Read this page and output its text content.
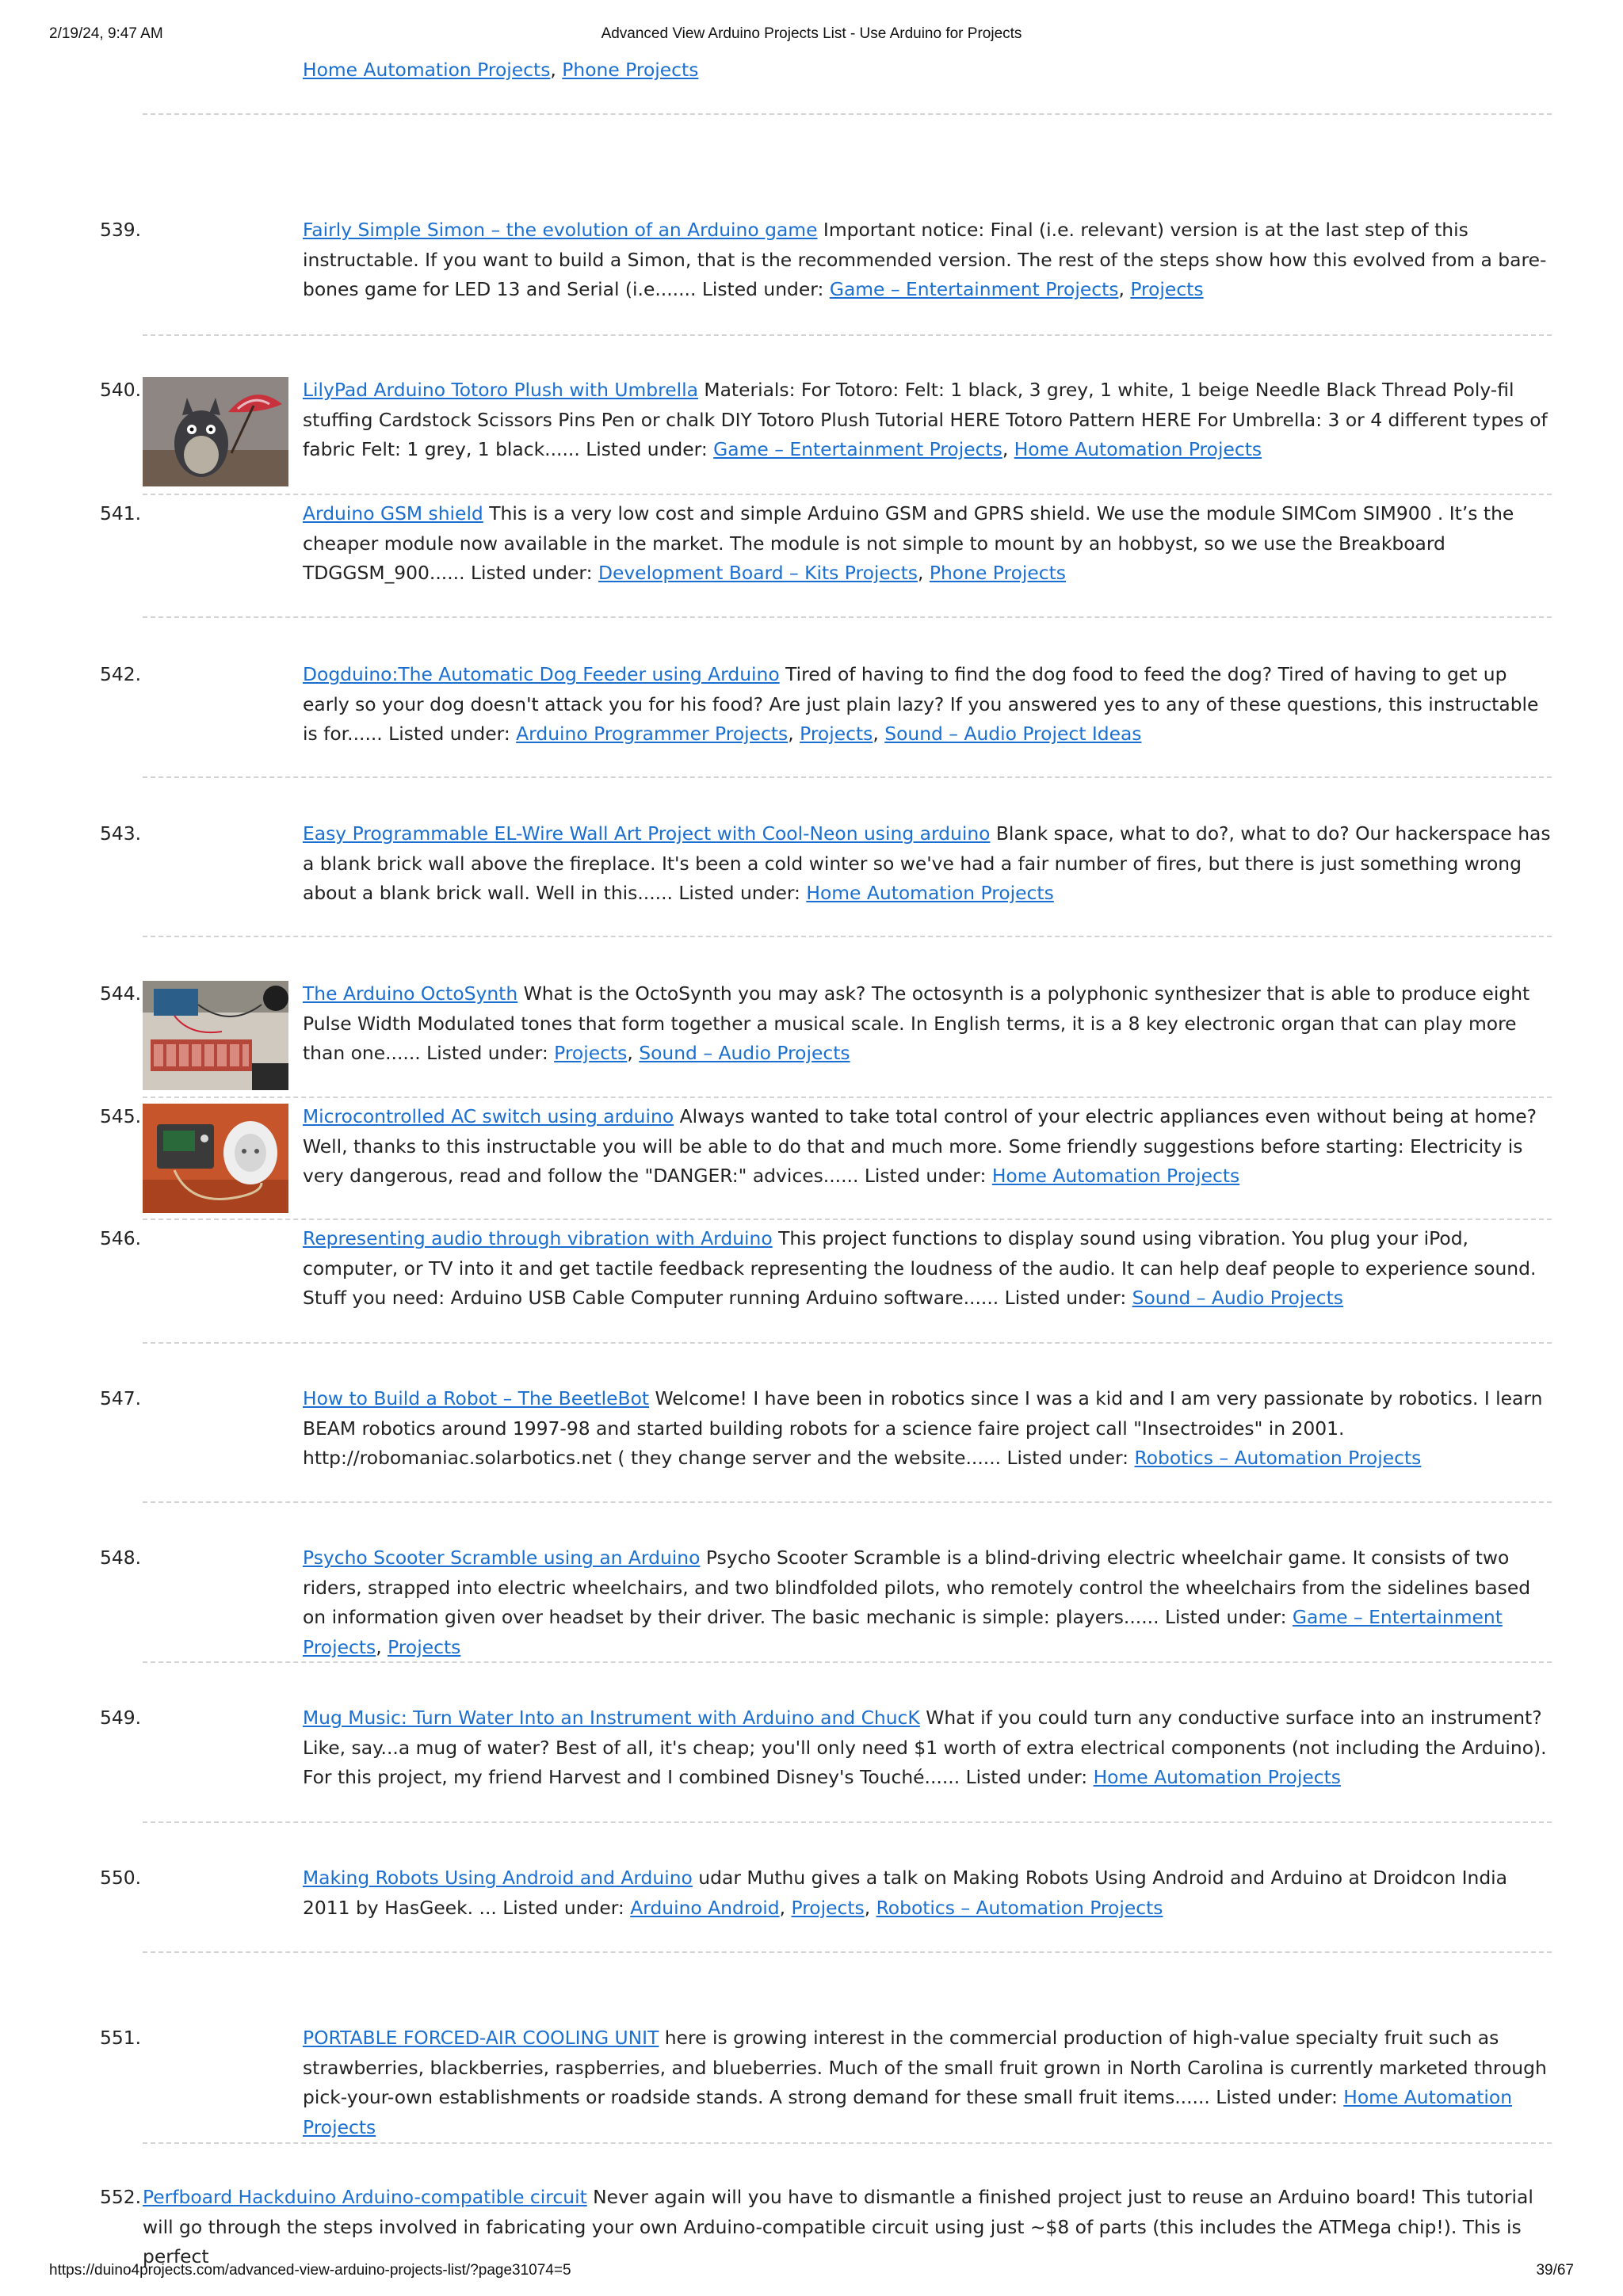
2/19/24, 9:47 AM	Advanced View Arduino Projects List - Use Arduino for Projects
Home Automation Projects, Phone Projects
539.	Fairly Simple Simon – the evolution of an Arduino game Important notice: Final (i.e. relevant) version is at the last step of this instructable. If you want to build a Simon, that is the recommended version. The rest of the steps show how this evolved from a bare-bones game for LED 13 and Serial (i.e....... Listed under: Game – Entertainment Projects, Projects
540.	LilyPad Arduino Totoro Plush with Umbrella Materials: For Totoro: Felt: 1 black, 3 grey, 1 white, 1 beige Needle Black Thread Poly-fil stuffing Cardstock Scissors Pins Pen or chalk DIY Totoro Plush Tutorial HERE Totoro Pattern HERE For Umbrella: 3 or 4 different types of fabric Felt: 1 grey, 1 black...... Listed under: Game – Entertainment Projects, Home Automation Projects
541.	Arduino GSM shield This is a very low cost and simple Arduino GSM and GPRS shield. We use the module SIMCom SIM900 . It’s the cheaper module now available in the market. The module is not simple to mount by an hobbyst, so we use the Breakboard TDGGSM_900...... Listed under: Development Board – Kits Projects, Phone Projects
542.	Dogduino:The Automatic Dog Feeder using Arduino Tired of having to find the dog food to feed the dog? Tired of having to get up early so your dog doesn't attack you for his food? Are just plain lazy? If you answered yes to any of these questions, this instructable is for...... Listed under: Arduino Programmer Projects, Projects, Sound – Audio Project Ideas
543.	Easy Programmable EL-Wire Wall Art Project with Cool-Neon using arduino Blank space, what to do?, what to do? Our hackerspace has a blank brick wall above the fireplace. It's been a cold winter so we've had a fair number of fires, but there is just something wrong about a blank brick wall. Well in this...... Listed under: Home Automation Projects
544.	The Arduino OctoSynth What is the OctoSynth you may ask? The octosynth is a polyphonic synthesizer that is able to produce eight Pulse Width Modulated tones that form together a musical scale. In English terms, it is a 8 key electronic organ that can play more than one...... Listed under: Projects, Sound – Audio Projects
545.	Microcontrolled AC switch using arduino Always wanted to take total control of your electric appliances even without being at home? Well, thanks to this instructable you will be able to do that and much more. Some friendly suggestions before starting: Electricity is very dangerous, read and follow the "DANGER:" advices...... Listed under: Home Automation Projects
546.	Representing audio through vibration with Arduino This project functions to display sound using vibration. You plug your iPod, computer, or TV into it and get tactile feedback representing the loudness of the audio. It can help deaf people to experience sound. Stuff you need: Arduino USB Cable Computer running Arduino software...... Listed under: Sound – Audio Projects
547.	How to Build a Robot – The BeetleBot Welcome! I have been in robotics since I was a kid and I am very passionate by robotics. I learn BEAM robotics around 1997-98 and started building robots for a science faire project call "Insectroides" in 2001. http://robomaniac.solarbotics.net ( they change server and the website...... Listed under: Robotics – Automation Projects
548.	Psycho Scooter Scramble using an Arduino Psycho Scooter Scramble is a blind-driving electric wheelchair game. It consists of two riders, strapped into electric wheelchairs, and two blindfolded pilots, who remotely control the wheelchairs from the sidelines based on information given over headset by their driver. The basic mechanic is simple: players...... Listed under: Game – Entertainment Projects, Projects
549.	Mug Music: Turn Water Into an Instrument with Arduino and ChucK What if you could turn any conductive surface into an instrument? Like, say...a mug of water? Best of all, it's cheap; you'll only need $1 worth of extra electrical components (not including the Arduino). For this project, my friend Harvest and I combined Disney's Touché...... Listed under: Home Automation Projects
550.	Making Robots Using Android and Arduino udar Muthu gives a talk on Making Robots Using Android and Arduino at Droidcon India 2011 by HasGeek. ... Listed under: Arduino Android, Projects, Robotics – Automation Projects
551.	PORTABLE FORCED-AIR COOLING UNIT here is growing interest in the commercial production of high-value specialty fruit such as strawberries, blackberries, raspberries, and blueberries. Much of the small fruit grown in North Carolina is currently marketed through pick-your-own establishments or roadside stands. A strong demand for these small fruit items...... Listed under: Home Automation Projects
552. Perfboard Hackduino Arduino-compatible circuit Never again will you have to dismantle a finished project just to reuse an Arduino board! This tutorial will go through the steps involved in fabricating your own Arduino-compatible circuit using just ~$8 of parts (this includes the ATMega chip!). This is perfect
https://duino4projects.com/advanced-view-arduino-projects-list/?page31074=5	39/67
